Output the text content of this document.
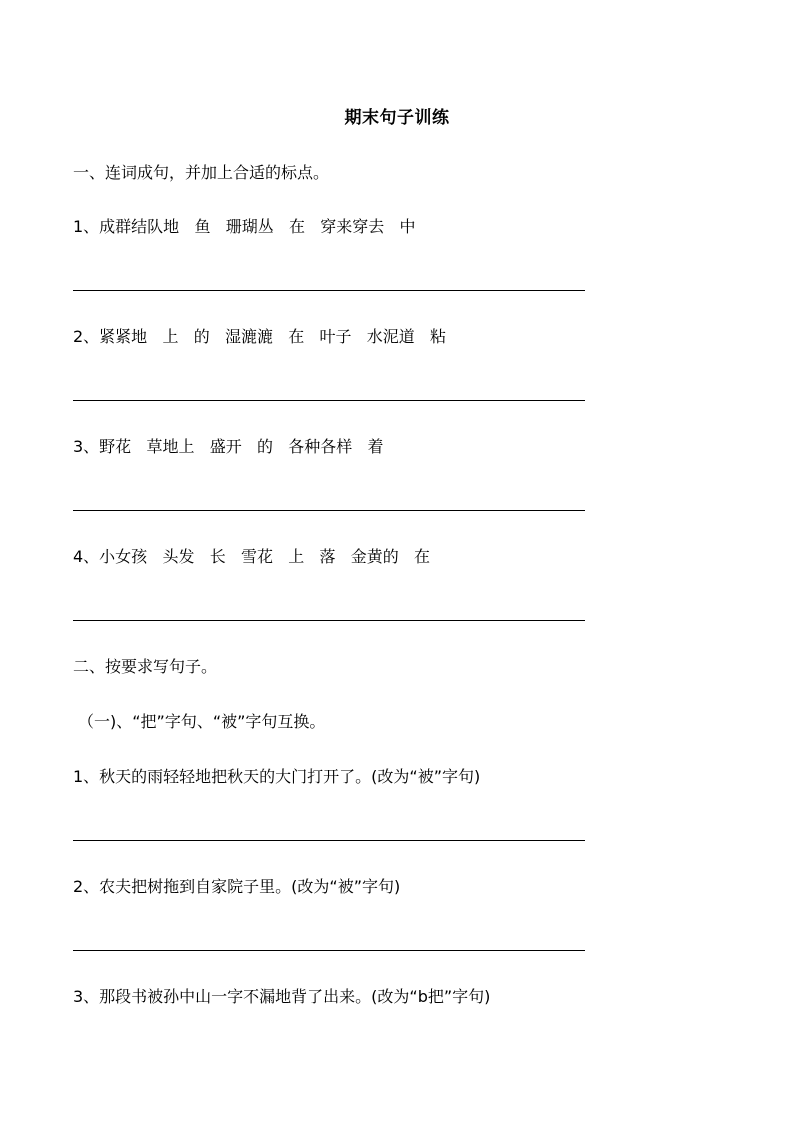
期末句子训练
一、连词成句，并加上合适的标点。
1、成群结队地   鱼   珊瑚丛   在   穿来穿去   中
2、紧紧地   上   的   湿漉漉   在   叶子   水泥道   粘
3、野花   草地上   盛开   的   各种各样   着
4、小女孩   头发   长   雪花   上   落   金黄的   在
二、按要求写句子。
（一)、“把”字句、“被”字句互换。
1、秋天的雨轻轻地把秋天的大门打开了。(改为“被”字句)
2、农夫把树拖到自家院子里。(改为“被”字句)
3、那段书被孙中山一字不漏地背了出来。(改为“b把”字句)
